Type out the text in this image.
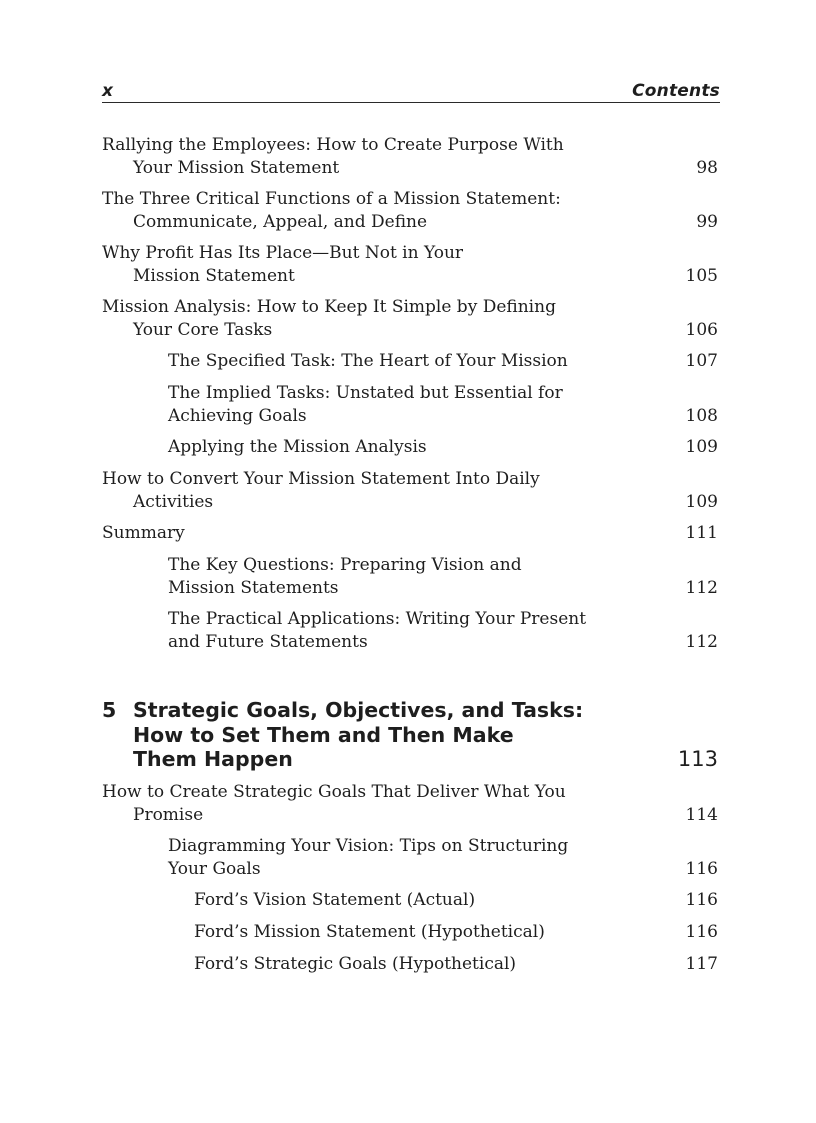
x	Contents
Rallying the Employees: How to Create Purpose With
Your Mission Statement	98
The Three Critical Functions of a Mission Statement:
Communicate, Appeal, and Define	99
Why Profit Has Its Place—But Not in Your
Mission Statement	105
Mission Analysis: How to Keep It Simple by Defining
Your Core Tasks	106
The Specified Task: The Heart of Your Mission	107
The Implied Tasks: Unstated but Essential for
Achieving Goals	108
Applying the Mission Analysis	109
How to Convert Your Mission Statement Into Daily
Activities	109
Summary	111
The Key Questions: Preparing Vision and
Mission Statements	112
The Practical Applications: Writing Your Present
and Future Statements	112
5 Strategic Goals, Objectives, and Tasks:
How to Set Them and Then Make
Them Happen	113
How to Create Strategic Goals That Deliver What You
Promise	114
Diagramming Your Vision: Tips on Structuring
Your Goals	116
Ford’s Vision Statement (Actual)	116
Ford’s Mission Statement (Hypothetical)	116
Ford’s Strategic Goals (Hypothetical)	117
